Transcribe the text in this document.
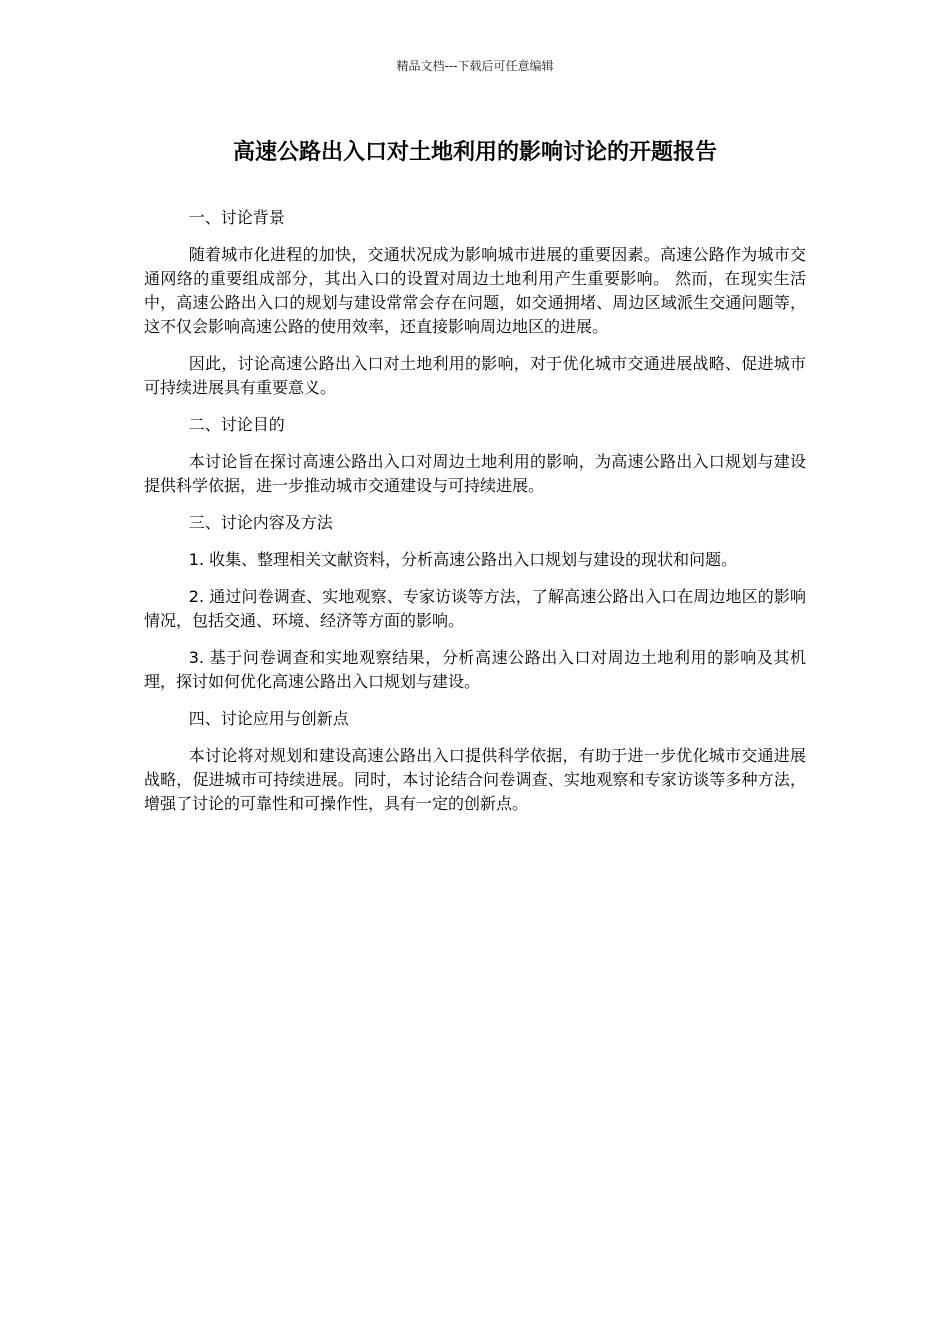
精品文档---下载后可任意编辑
高速公路出入口对土地利用的影响讨论的开题报告

一、讨论背景

随着城市化进程的加快，交通状况成为影响城市进展的重要因素。高速公路作为城市交通网络的重要组成部分，其出入口的设置对周边土地利用产生重要影响。 然而，在现实生活中，高速公路出入口的规划与建设常常会存在问题，如交通拥堵、周边区域派生交通问题等，这不仅会影响高速公路的使用效率，还直接影响周边地区的进展。

因此，讨论高速公路出入口对土地利用的影响，对于优化城市交通进展战略、促进城市可持续进展具有重要意义。

二、讨论目的

本讨论旨在探讨高速公路出入口对周边土地利用的影响，为高速公路出入口规划与建设提供科学依据，进一步推动城市交通建设与可持续进展。

三、讨论内容及方法

1. 收集、整理相关文献资料，分析高速公路出入口规划与建设的现状和问题。

2. 通过问卷调查、实地观察、专家访谈等方法，了解高速公路出入口在周边地区的影响情况，包括交通、环境、经济等方面的影响。

3. 基于问卷调查和实地观察结果，分析高速公路出入口对周边土地利用的影响及其机理，探讨如何优化高速公路出入口规划与建设。

四、讨论应用与创新点

本讨论将对规划和建设高速公路出入口提供科学依据，有助于进一步优化城市交通进展战略，促进城市可持续进展。同时，本讨论结合问卷调查、实地观察和专家访谈等多种方法，增强了讨论的可靠性和可操作性，具有一定的创新点。
